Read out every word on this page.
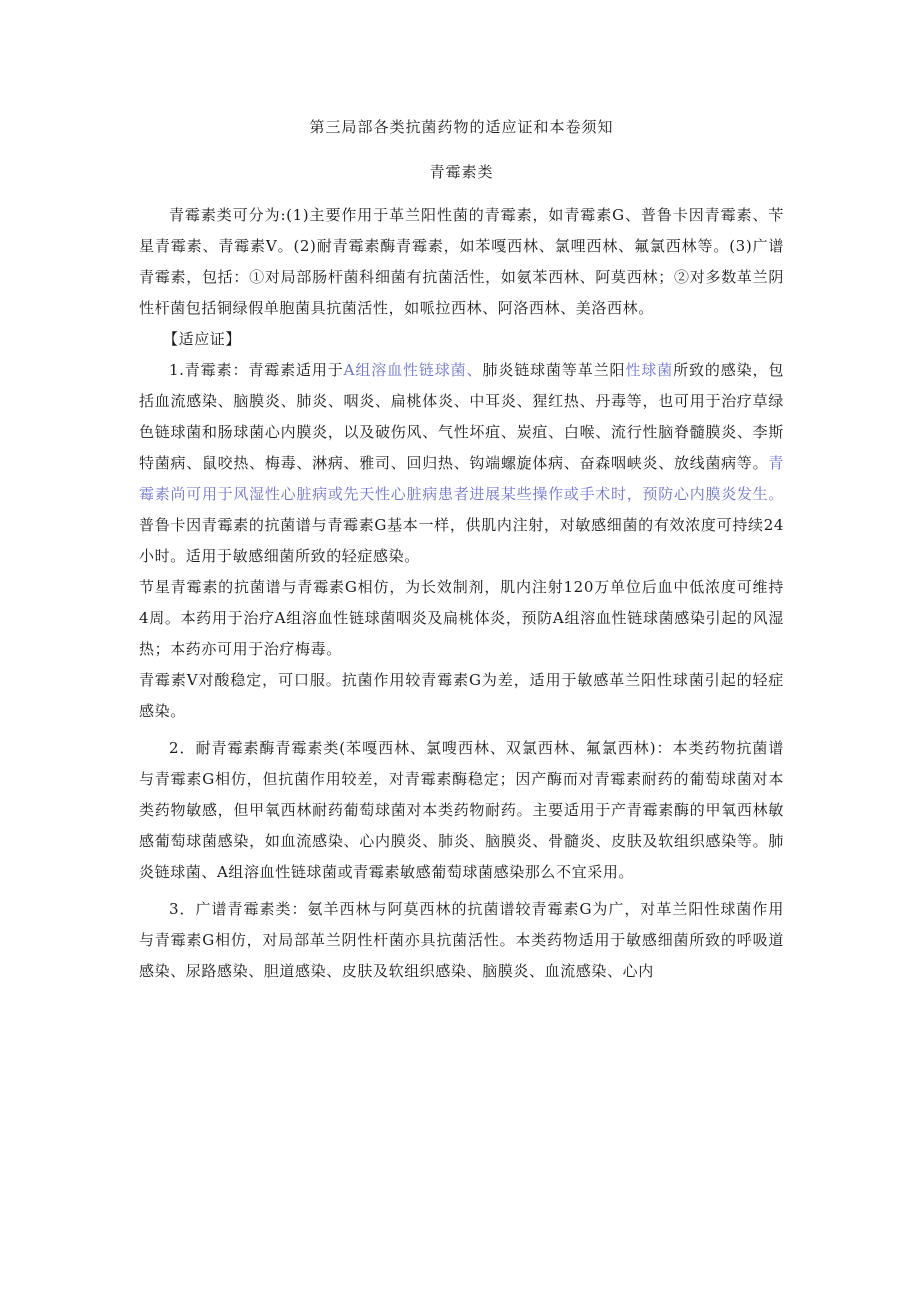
第三局部各类抗菌药物的适应证和本卷须知
青霉素类

青霉素类可分为:(1)主要作用于革兰阳性菌的青霉素，如青霉素G、普鲁卡因青霉素、苄星青霉素、青霉素V。(2)耐青霉素酶青霉素，如苯嘎西林、氯哩西林、氟氯西林等。(3)广谱青霉素，包括：①对局部肠杆菌科细菌有抗菌活性，如氨苯西林、阿莫西林；②对多数革兰阴性杆菌包括铜绿假单胞菌具抗菌活性，如哌拉西林、阿洛西林、美洛西林。

【适应证】

1.青霉素：青霉素适用于A组溶血性链球菌、肺炎链球菌等革兰阳性球菌所致的感染，包括血流感染、脑膜炎、肺炎、咽炎、扁桃体炎、中耳炎、猩红热、丹毒等，也可用于治疗草绿色链球菌和肠球菌心内膜炎，以及破伤风、气性坏疽、炭疽、白喉、流行性脑脊髓膜炎、李斯特菌病、鼠咬热、梅毒、淋病、雅司、回归热、钩端螺旋体病、奋森咽峡炎、放线菌病等。青霉素尚可用于风湿性心脏病或先天性心脏病患者进展某些操作或手术时，预防心内膜炎发生。普鲁卡因青霉素的抗菌谱与青霉素G基本一样，供肌内注射，对敏感细菌的有效浓度可持续24小时。适用于敏感细菌所致的轻症感染。

节星青霉素的抗菌谱与青霉素G相仿，为长效制剂，肌内注射120万单位后血中低浓度可维持4周。本药用于治疗A组溶血性链球菌咽炎及扁桃体炎，预防A组溶血性链球菌感染引起的风湿热；本药亦可用于治疗梅毒。

青霉素V对酸稳定，可口服。抗菌作用较青霉素G为差，适用于敏感革兰阳性球菌引起的轻症感染。

2．耐青霉素酶青霉素类(苯嘎西林、氯嗖西林、双氯西林、氟氯西林)：本类药物抗菌谱与青霉素G相仿，但抗菌作用较差，对青霉素酶稳定；因产酶而对青霉素耐药的葡萄球菌对本类药物敏感，但甲氧西林耐药葡萄球菌对本类药物耐药。主要适用于产青霉素酶的甲氧西林敏感葡萄球菌感染，如血流感染、心内膜炎、肺炎、脑膜炎、骨髓炎、皮肤及软组织感染等。肺炎链球菌、A组溶血性链球菌或青霉素敏感葡萄球菌感染那么不宜采用。

3．广谱青霉素类：氨羊西林与阿莫西林的抗菌谱较青霉素G为广，对革兰阳性球菌作用与青霉素G相仿，对局部革兰阴性杆菌亦具抗菌活性。本类药物适用于敏感细菌所致的呼吸道感染、尿路感染、胆道感染、皮肤及软组织感染、脑膜炎、血流感染、心内
